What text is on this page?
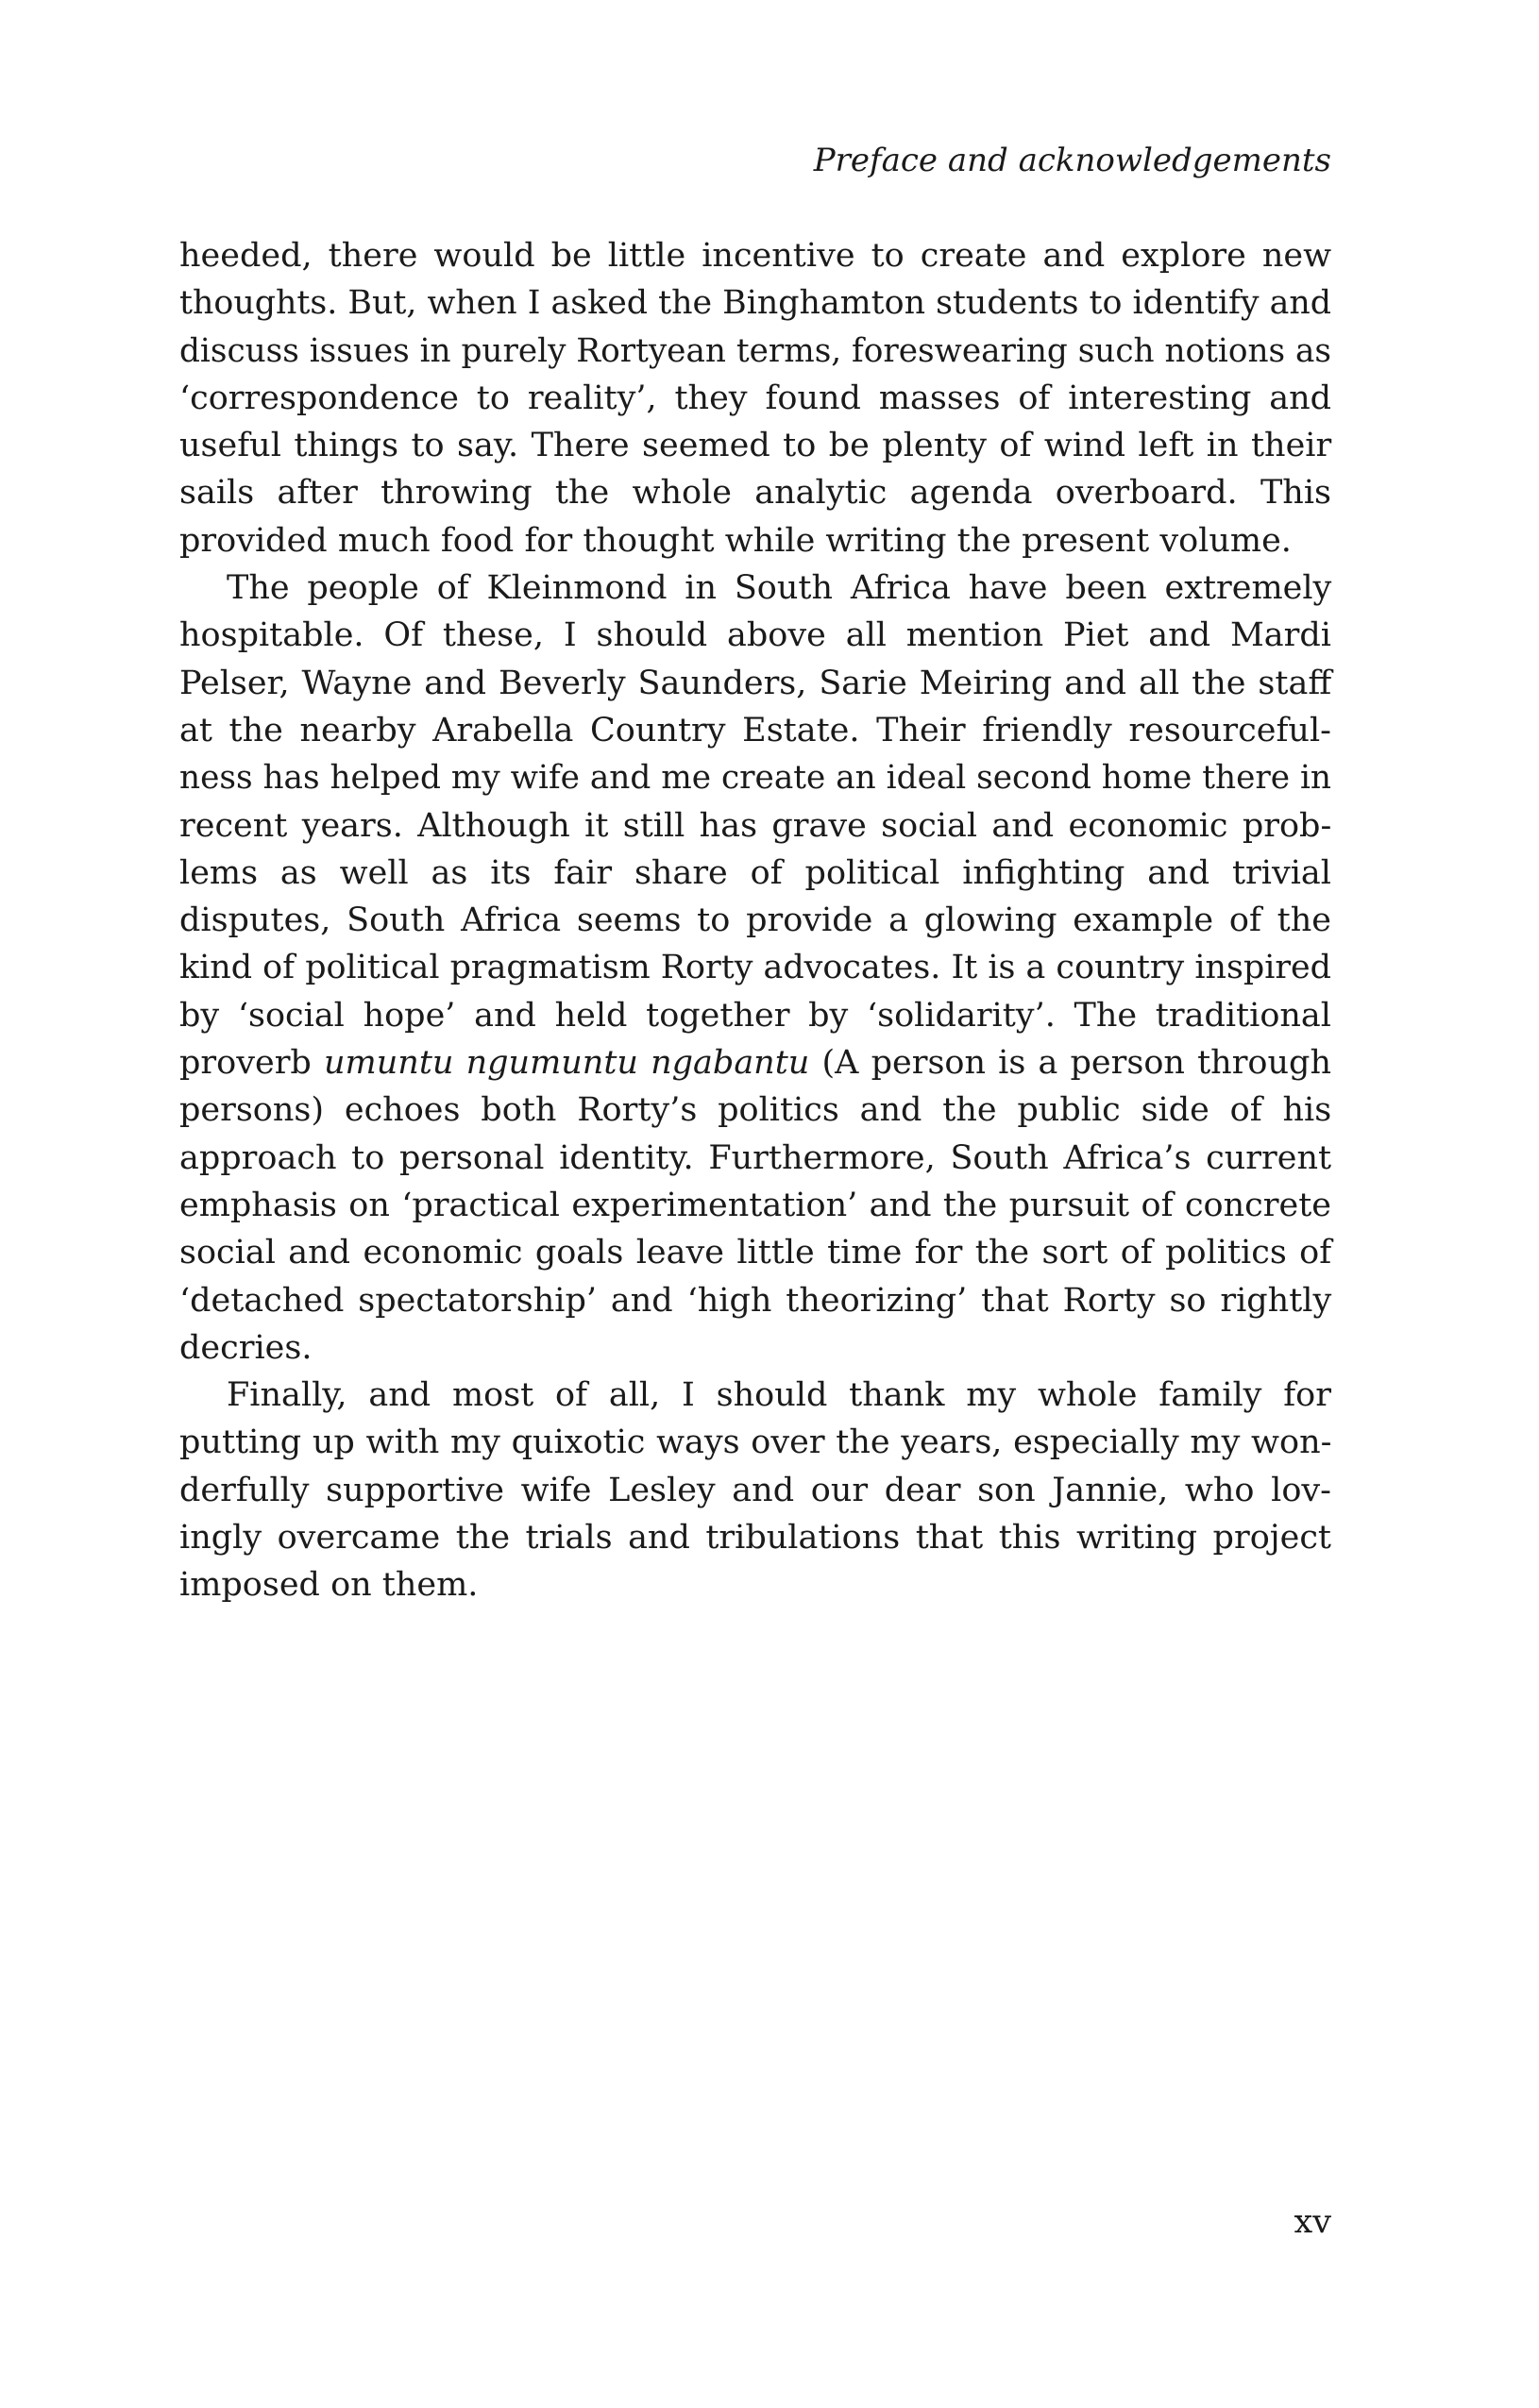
Preface and acknowledgements

heeded, there would be little incentive to create and explore new
thoughts. But, when I asked the Binghamton students to identify and
discuss issues in purely Rortyean terms, foreswearing such notions as
‘correspondence to reality’, they found masses of interesting and
useful things to say. There seemed to be plenty of wind left in their
sails after throwing the whole analytic agenda overboard. This
provided much food for thought while writing the present volume.

The people of Kleinmond in South Africa have been extremely
hospitable. Of these, I should above all mention Piet and Mardi
Pelser, Wayne and Beverly Saunders, Sarie Meiring and all the staff
at the nearby Arabella Country Estate. Their friendly resourceful-
ness has helped my wife and me create an ideal second home there in
recent years. Although it still has grave social and economic prob-
lems as well as its fair share of political infighting and trivial
disputes, South Africa seems to provide a glowing example of the
kind of political pragmatism Rorty advocates. It is a country inspired
by ‘social hope’ and held together by ‘solidarity’. The traditional
proverb umuntu ngumuntu ngabantu (A person is a person through
persons) echoes both Rorty’s politics and the public side of his
approach to personal identity. Furthermore, South Africa’s current
emphasis on ‘practical experimentation’ and the pursuit of concrete
social and economic goals leave little time for the sort of politics of
‘detached spectatorship’ and ‘high theorizing’ that Rorty so rightly
decries.

Finally, and most of all, I should thank my whole family for
putting up with my quixotic ways over the years, especially my won-
derfully supportive wife Lesley and our dear son Jannie, who lov-
ingly overcame the trials and tribulations that this writing project
imposed on them.

xv
